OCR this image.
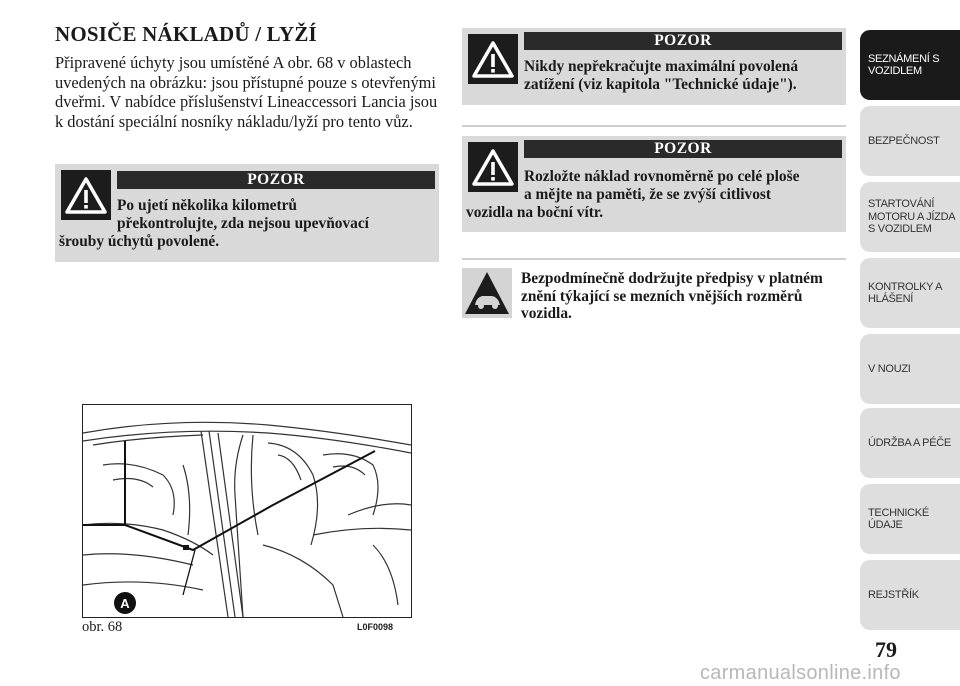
NOSIČE NÁKLADŮ / LYŽÍ

Připravené úchyty jsou umístěné A obr. 68 v oblastech uvedených na obrázku: jsou přístupné pouze s otevřenými dveřmi. V nabídce příslušenství Lineaccessori Lancia jsou k dostání speciální nosníky nákladu/lyží pro tento vůz.

POZOR
Po ujetí několika kilometrů
překontrolujte, zda nejsou upevňovací
šrouby úchytů povolené.
A
obr. 68	L0F0098
POZOR
Nikdy nepřekračujte maximální povolená
zatížení (viz kapitola "Technické údaje").
POZOR
Rozložte náklad rovnoměrně po celé ploše
a mějte na paměti, že se zvýší citlivost
vozidla na boční vítr.
Bezpodmínečně dodržujte předpisy v platném znění týkající se mezních vnějších rozměrů vozidla.
SEZNÁMENÍ S
VOZIDLEM
BEZPEČNOST
STARTOVÁNÍ
MOTORU A JÍZDA
S VOZIDLEM
KONTROLKY A
HLÁŠENÍ
V NOUZI
ÚDRŽBA A PÉČE
TECHNICKÉ
ÚDAJE
REJSTŘÍK
79
carmanualsonline.info
